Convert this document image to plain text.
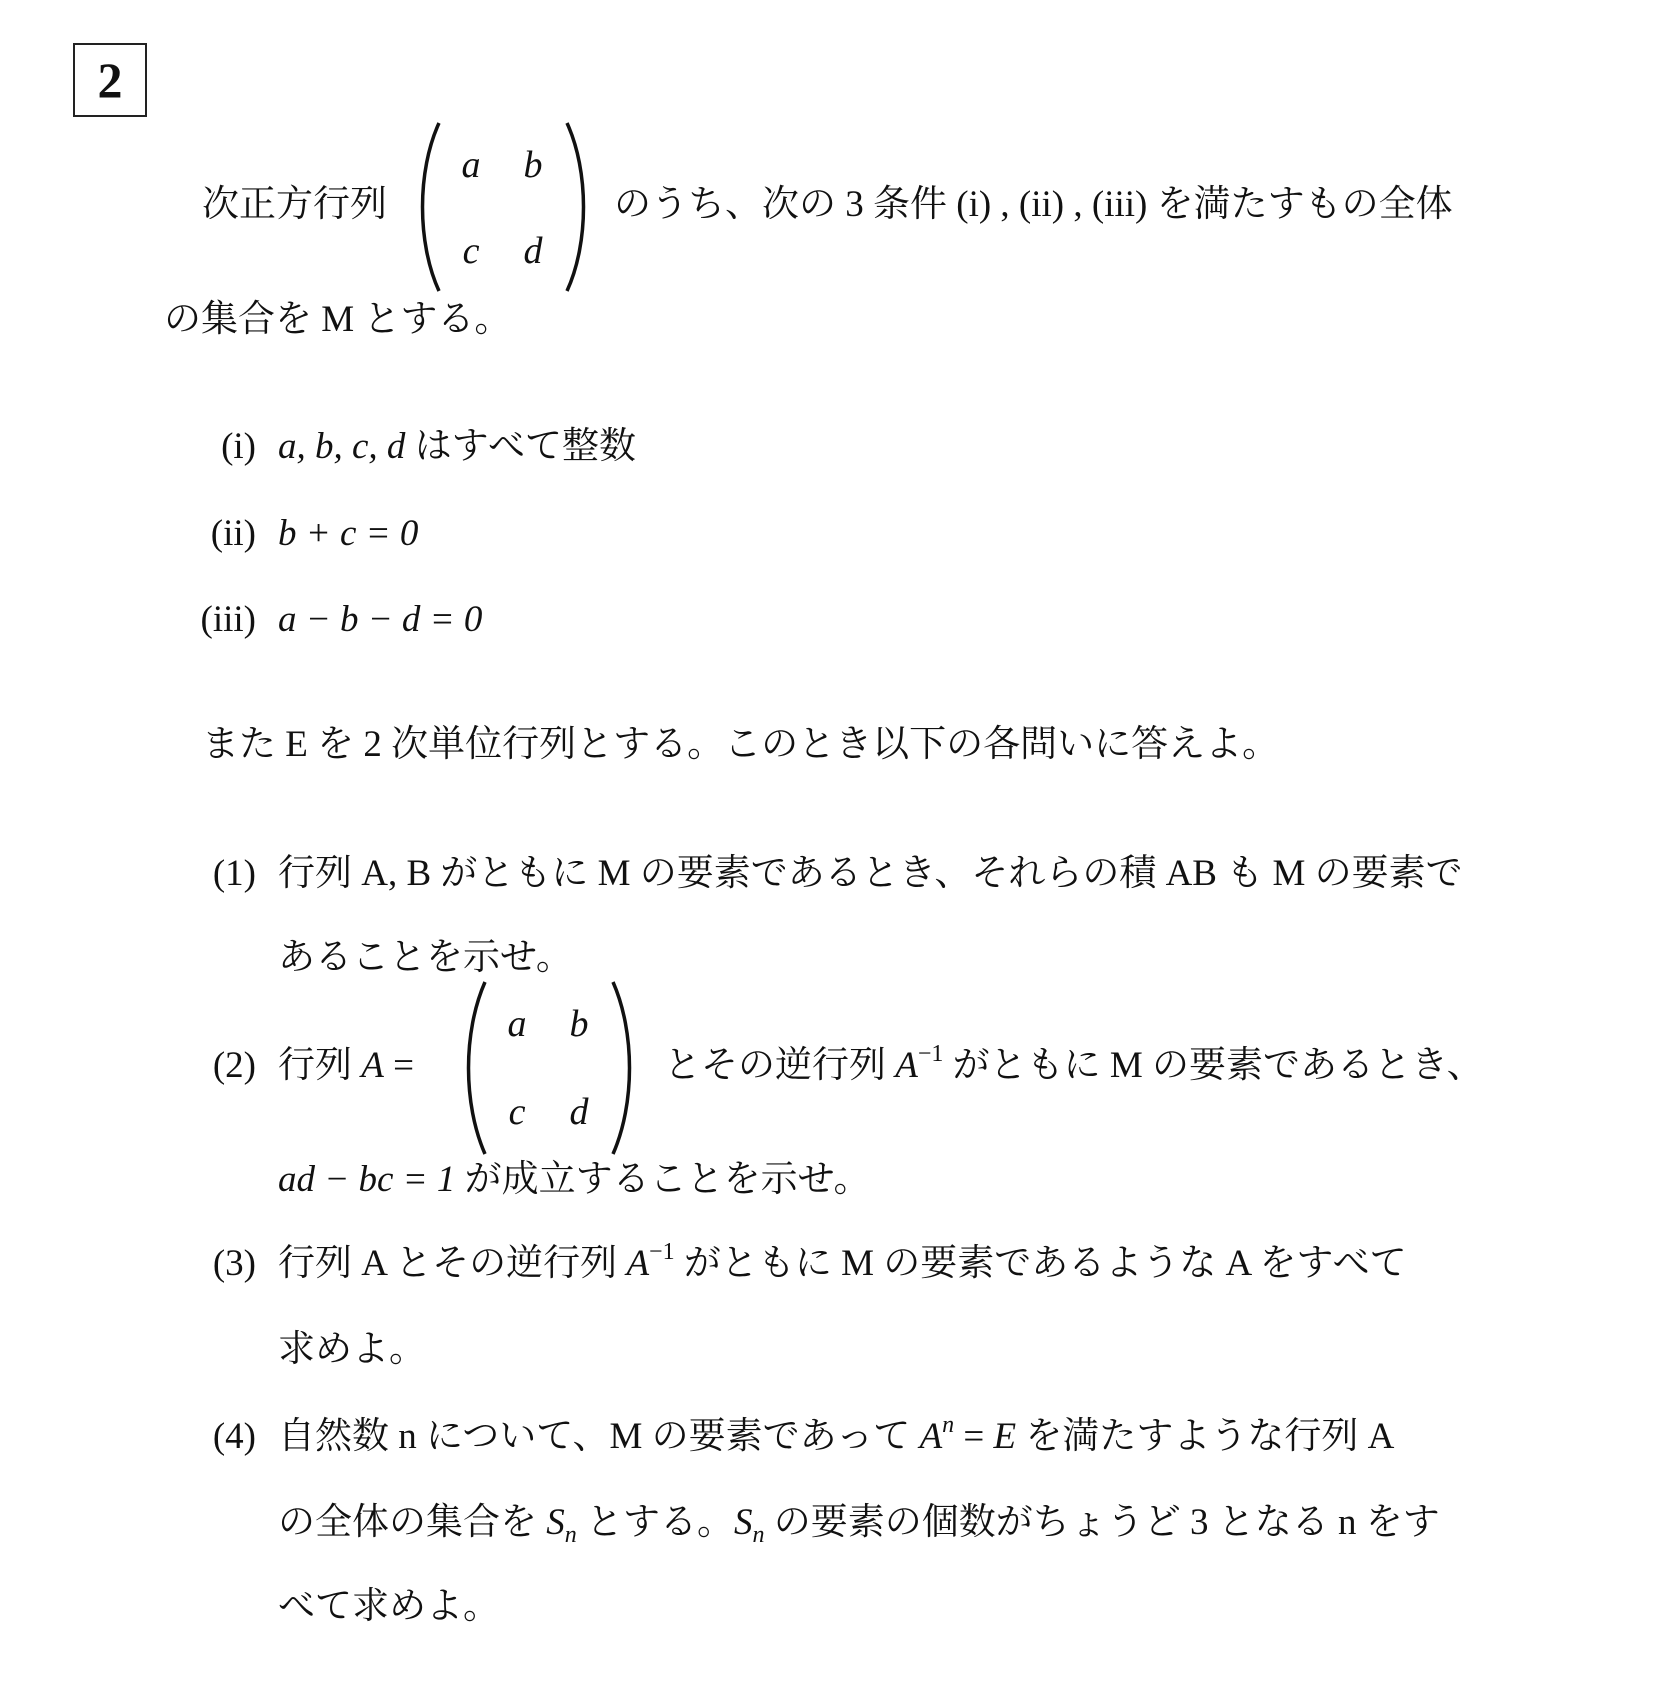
2
次正方行列
a b
c	d
のうち、次の 3 条件 (i) , (ii) , (iii) を満たすもの全体
の集合を M とする。
(i) a, b, c, d はすべて整数
(ii) b + c = 0
(iii) a − b − d = 0
また E を 2 次単位行列とする。このとき以下の各問いに答えよ。
(1) 行列 A, B がともに M の要素であるとき、それらの積 AB も M の要素で
あることを示せ。
(2) 行列 A =
a b
c	d
とその逆行列 $A^{-1}$ がともに M の要素であるとき、
ad − bc = 1 が成立することを示せ。
(3) 行列 A とその逆行列 $A^{-1}$ がともに M の要素であるような A をすべて
求めよ。
(4) 自然数 n について、M の要素であって $A^n = E$ を満たすような行列 A
の全体の集合を $S_n$ とする。$S_n$ の要素の個数がちょうど 3 となる n をす
べて求めよ。
